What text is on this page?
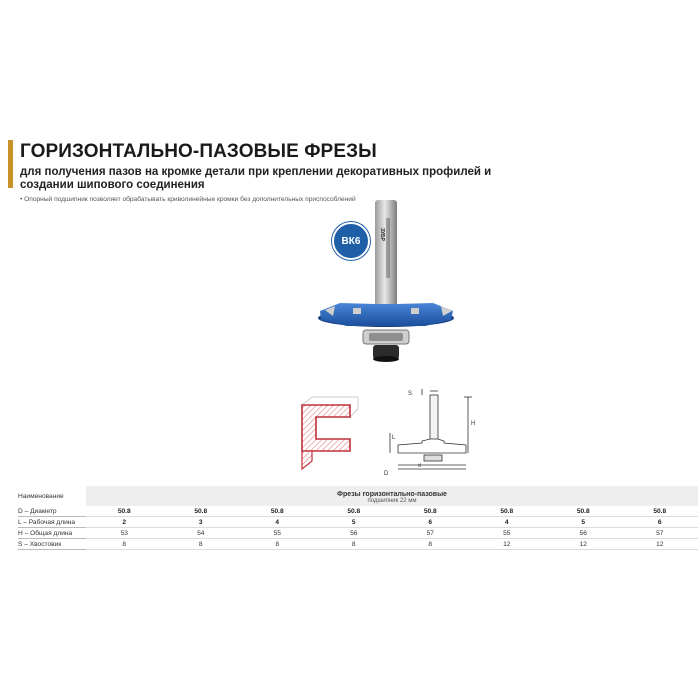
ГОРИЗОНТАЛЬНО-ПАЗОВЫЕ ФРЕЗЫ
для получения пазов на кромке детали при креплении декоративных профилей и создании шипового соединения
• Опорный подшипник позволяет обрабатывать криволинейные кромки без дополнительных приспособлений
ЗУБР
ВК6
S
H
L
d
D
Наименование	Фрезы горизонтально-пазовые							
	подшипник 22 мм							
D – Диаметр	50.8	50.8	50.8	50.8	50.8	50.8	50.8	50.8
L – Рабочая длина	2	3	4	5	6	4	5	6
H – Общая длина	53	54	55	56	57	55	56	57
S – Хвостовик	8	8	8	8	8	12	12	12
